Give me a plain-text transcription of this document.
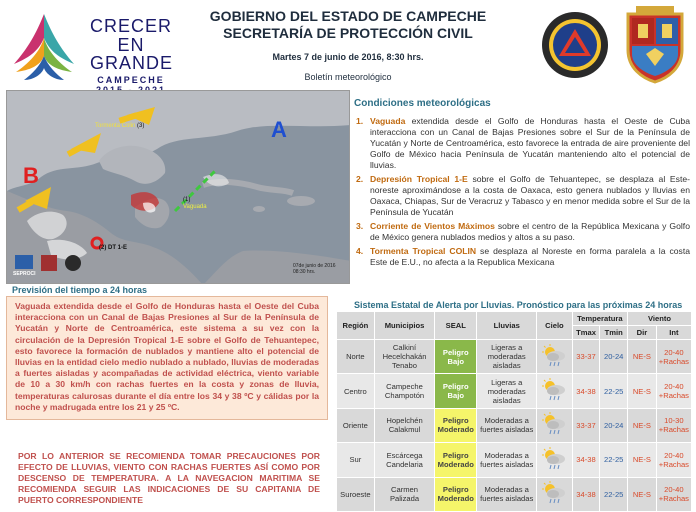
CRECER
EN GRANDE
CAMPECHE
GOBIERNO DEL ESTADO DE CAMPECHE
SECRETARÍA DE PROTECCIÓN CIVIL
Martes 7 de junio de 2016, 8:30 hrs.
Boletín meteorológico
A
B
Tormenta Colin (3)
(1)
Vaguada
(2) DT 1-E
07de junio de 2016
08:30 hrs.
SEPROCI
Condiciones meteorológicas
1. Vaguada extendida desde el Golfo de Honduras hasta el Oeste de Cuba interacciona con un Canal de Bajas Presiones sobre el Sur de la Península de Yucatán y Norte de Centroamérica, esto favorece la entrada de aire proveniente del Golfo de México hacia Península de Yucatán manteniendo alto el potencial de lluvias.
2. Depresión Tropical 1-E sobre el Golfo de Tehuantepec, se desplaza al Este-noreste aproximándose a la costa de Oaxaca, esto genera nublados y lluvias en Oaxaca, Chiapas, Sur de Veracruz y Tabasco y en menor medida sobre el Sur de la Península de Yucatán
3. Corriente de Vientos Máximos sobre el centro de la República Mexicana y Golfo de México genera nublados medios y altos a su paso.
4. Tormenta Tropical COLIN se desplaza al Noreste en forma paralela a la costa Este de E.U., no afecta a la Republica Mexicana
Previsión del tiempo a 24 horas

Vaguada extendida desde el Golfo de Honduras hasta el Oeste del Cuba interacciona con un Canal de Bajas Presiones al Sur de la Península de Yucatán y Norte de Centroamérica, este sistema a su vez con la circulación de la Depresión Tropical 1-E sobre el Golfo de Tehuantepec, esto favorece la formación de nublados y mantiene alto el potencial de lluvias en la entidad cielo medio nublado a nublado, lluvias de moderadas a fuertes aisladas y acompañadas de actividad eléctrica, viento variable de 10 a 30 km/h con rachas fuertes en la costa y zonas de lluvia, temperaturas calurosas durante el día entre los 34 y 38 ºC y cálidas por la noche y madrugada entre los 21 y 25 ºC.

POR LO ANTERIOR SE RECOMIENDA TOMAR PRECAUCIONES POR EFECTO DE LLUVIAS, VIENTO CON RACHAS FUERTES ASÍ COMO POR DESCENSO DE TEMPERATURA. A LA NAVEGACION MARITIMA SE RECOMIENDA SEGUIR LAS INDICACIONES DE SU CAPITANIA DE PUERTO CORRESPONDIENTE
Sistema Estatal de Alerta por Lluvias. Pronóstico para las próximas 24 horas
Región	Municipios	SEAL	Lluvias	Cielo	Temperatura		Viento	
					Tmax	Tmin	Dir	Int
Norte	Calkiní
Hecelchakán
Tenabo	Peligro
Bajo	Ligeras a
moderadas
aisladas		33-37	20-24	NE-S	20-40
+Rachas
Centro	Campeche
Champotón	Peligro
Bajo	Ligeras a
moderadas
aisladas		34-38	22-25	NE-S	20-40
+Rachas
Oriente	Hopelchén
Calakmul	Peligro
Moderado	Moderadas a
fuertes aisladas		33-37	20-24	NE-S	10-30
+Rachas
Sur	Escárcega
Candelaria	Peligro
Moderado	Moderadas a
fuertes aisladas		34-38	22-25	NE-S	20-40
+Rachas
Suroeste	Carmen
Palizada	Peligro
Moderado	Moderadas a
fuertes aisladas		34-38	22-25	NE-S	20-40
+Rachas
